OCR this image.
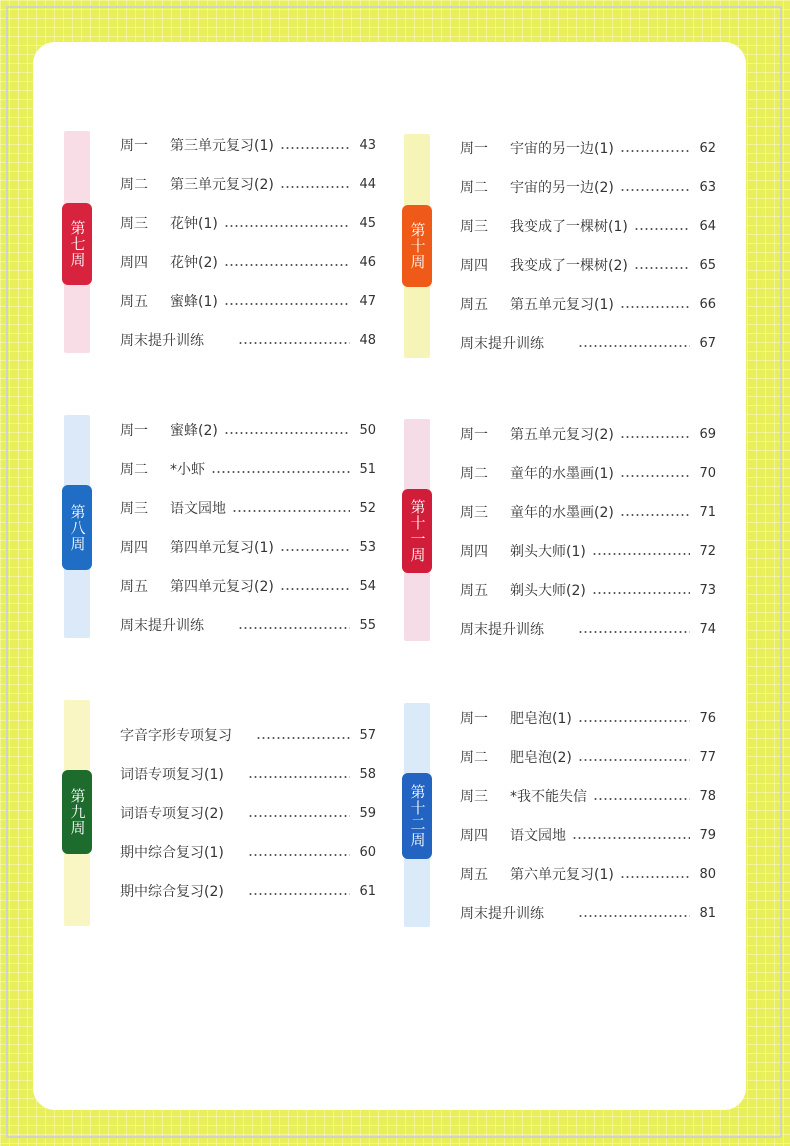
第七周
周一	第三单元复习(1)	43
周二	第三单元复习(2)	44
周三	花钟(1)	45
周四	花钟(2)	46
周五	蜜蜂(1)	47
周末提升训练	48
第八周
周一	蜜蜂(2)	50
周二	*小虾	51
周三	语文园地	52
周四	第四单元复习(1)	53
周五	第四单元复习(2)	54
周末提升训练	55
第九周
字音字形专项复习	57
词语专项复习(1)	58
词语专项复习(2)	59
期中综合复习(1)	60
期中综合复习(2)	61
第十周
周一	宇宙的另一边(1)	62
周二	宇宙的另一边(2)	63
周三	我变成了一棵树(1)	64
周四	我变成了一棵树(2)	65
周五	第五单元复习(1)	66
周末提升训练	67
第十一周
周一	第五单元复习(2)	69
周二	童年的水墨画(1)	70
周三	童年的水墨画(2)	71
周四	剃头大师(1)	72
周五	剃头大师(2)	73
周末提升训练	74
第十二周
周一	肥皂泡(1)	76
周二	肥皂泡(2)	77
周三	*我不能失信	78
周四	语文园地	79
周五	第六单元复习(1)	80
周末提升训练	81
